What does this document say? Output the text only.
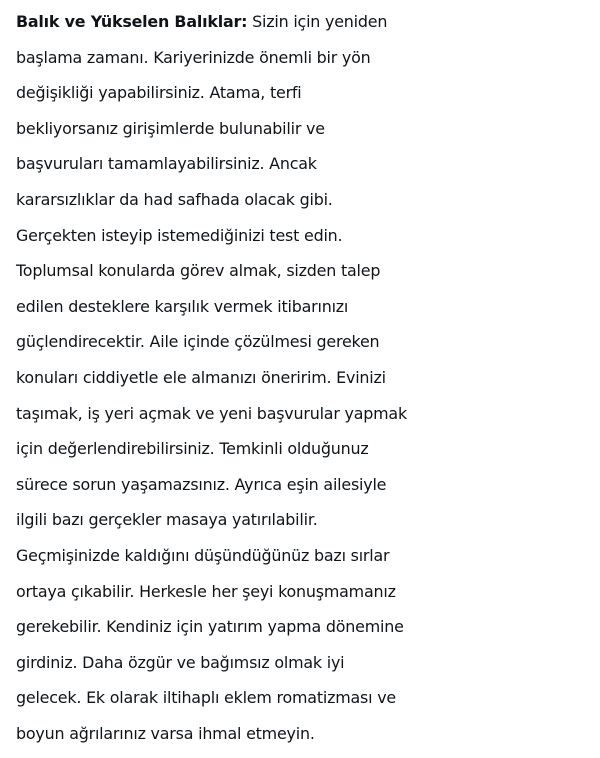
Balık ve Yükselen Balıklar: Sizin için yeniden
başlama zamanı. Kariyerinizde önemli bir yön
değişikliği yapabilirsiniz. Atama, terfi
bekliyorsanız girişimlerde bulunabilir ve
başvuruları tamamlayabilirsiniz. Ancak
kararsızlıklar da had safhada olacak gibi.
Gerçekten isteyip istemediğinizi test edin.
Toplumsal konularda görev almak, sizden talep
edilen desteklere karşılık vermek itibarınızı
güçlendirecektir. Aile içinde çözülmesi gereken
konuları ciddiyetle ele almanızı öneririm. Evinizi
taşımak, iş yeri açmak ve yeni başvurular yapmak
için değerlendirebilirsiniz. Temkinli olduğunuz
sürece sorun yaşamazsınız. Ayrıca eşin ailesiyle
ilgili bazı gerçekler masaya yatırılabilir.
Geçmişinizde kaldığını düşündüğünüz bazı sırlar
ortaya çıkabilir. Herkesle her şeyi konuşmamanız
gerekebilir. Kendiniz için yatırım yapma dönemine
girdiniz. Daha özgür ve bağımsız olmak iyi
gelecek. Ek olarak iltihaplı eklem romatizması ve
boyun ağrılarınız varsa ihmal etmeyin.
